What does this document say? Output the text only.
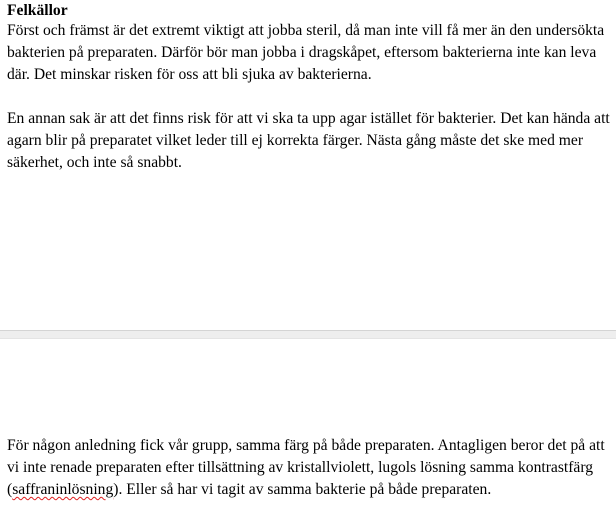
Felkällor

Först och främst är det extremt viktigt att jobba steril, då man inte vill få mer än den undersökta bakterien på preparaten. Därför bör man jobba i dragskåpet, eftersom bakterierna inte kan leva där. Det minskar risken för oss att bli sjuka av bakterierna.

En annan sak är att det finns risk för att vi ska ta upp agar istället för bakterier. Det kan hända att agarn blir på preparatet vilket leder till ej korrekta färger. Nästa gång måste det ske med mer säkerhet, och inte så snabbt.

För någon anledning fick vår grupp, samma färg på både preparaten. Antagligen beror det på att vi inte renade preparaten efter tillsättning av kristallviolett, lugols lösning samma kontrastfärg (saffraninlösning). Eller så har vi tagit av samma bakterie på både preparaten.
